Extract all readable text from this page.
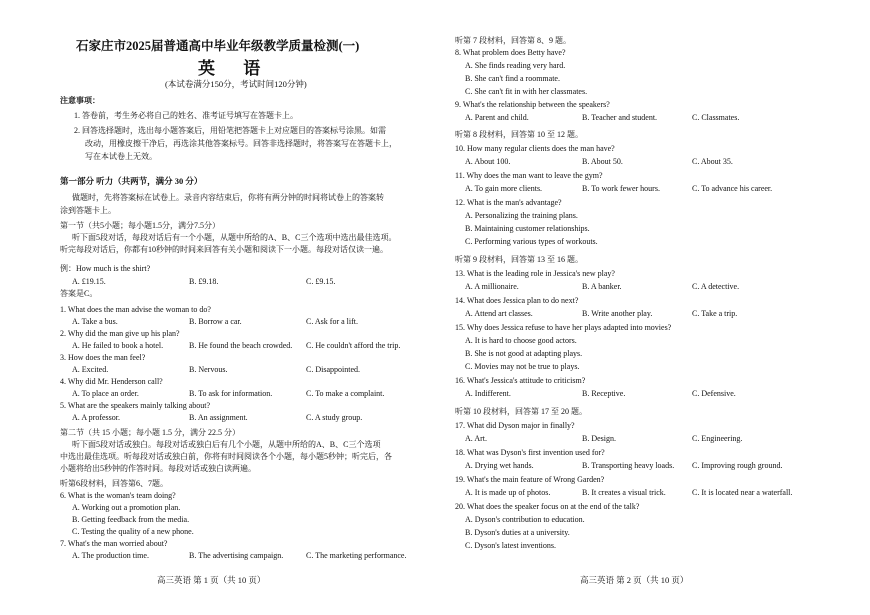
石家庄市2025届普通高中毕业年级教学质量检测(一)
英 语
(本试卷满分150分，考试时间120分钟)
注意事项：
1. 答卷前，考生务必将自己的姓名、准考证号填写在答题卡上。
2. 回答选择题时，选出每小题答案后，用铅笔把答题卡上对应题目的答案标号涂黑。如需
改动，用橡皮擦干净后，再选涂其他答案标号。回答非选择题时，将答案写在答题卡上，
写在本试卷上无效。
第一部分 听力（共两节，满分 30 分）
做题时，先将答案标在试卷上。录音内容结束后，你将有两分钟的时间将试卷上的答案转
涂到答题卡上。
第一节（共5小题；每小题1.5分，满分7.5分）
听下面5段对话，每段对话后有一个小题，从题中所给的A、B、C三个选项中选出最佳选项。
听完每段对话后，你都有10秒钟的时间来回答有关小题和阅读下一小题。每段对话仅读一遍。
例：How much is the shirt?
A. £19.15.	B. £9.18.	C. £9.15.
答案是C。
1. What does the man advise the woman to do?
A. Take a bus.	B. Borrow a car.	C. Ask for a lift.
2. Why did the man give up his plan?
A. He failed to book a hotel.	B. He found the beach crowded. C. He couldn't afford the trip.
3. How does the man feel?
A. Excited.	B. Nervous.	C. Disappointed.
4. Why did Mr. Henderson call?
A. To place an order.	B. To ask for information.	C. To make a complaint.
5. What are the speakers mainly talking about?
A. A professor.	B. An assignment.	C. A study group.
第二节（共 15 小题；每小题 1.5 分，满分 22.5 分）
听下面5段对话或独白。每段对话或独白后有几个小题，从题中所给的A、B、C三个选项
中选出最佳选项。听每段对话或独白前，你将有时间阅读各个小题，每小题5秒钟；听完后，各
小题将给出5秒钟的作答时间。每段对话或独白读两遍。
听第6段材料，回答第6、7题。
6. What is the woman's team doing?
A. Working out a promotion plan.
B. Getting feedback from the media.
C. Testing the quality of a new phone.
7. What's the man worried about?
A. The production time.	B. The advertising campaign.	C. The marketing performance.
高三英语 第 1 页（共 10 页）
听第 7 段材料，回答第 8、9 题。
8. What problem does Betty have?
A. She finds reading very hard.
B. She can't find a roommate.
C. She can't fit in with her classmates.
9. What's the relationship between the speakers?
A. Parent and child.	B. Teacher and student.	C. Classmates.
听第 8 段材料，回答第 10 至 12 题。
10. How many regular clients does the man have?
A. About 100.	B. About 50.	C. About 35.
11. Why does the man want to leave the gym?
A. To gain more clients.	B. To work fewer hours.	C. To advance his career.
12. What is the man's advantage?
A. Personalizing the training plans.
B. Maintaining customer relationships.
C. Performing various types of workouts.
听第 9 段材料，回答第 13 至 16 题。
13. What is the leading role in Jessica's new play?
A. A millionaire.	B. A banker.	C. A detective.
14. What does Jessica plan to do next?
A. Attend art classes.	B. Write another play.	C. Take a trip.
15. Why does Jessica refuse to have her plays adapted into movies?
A. It is hard to choose good actors.
B. She is not good at adapting plays.
C. Movies may not be true to plays.
16. What's Jessica's attitude to criticism?
A. Indifferent.	B. Receptive.	C. Defensive.
听第 10 段材料，回答第 17 至 20 题。
17. What did Dyson major in finally?
A. Art.	B. Design.	C. Engineering.
18. What was Dyson's first invention used for?
A. Drying wet hands.	B. Transporting heavy loads. C. Improving rough ground.
19. What's the main feature of Wrong Garden?
A. It is made up of photos.	B. It creates a visual trick.	C. It is located near a waterfall.
20. What does the speaker focus on at the end of the talk?
A. Dyson's contribution to education.
B. Dyson's duties at a university.
C. Dyson's latest inventions.
高三英语 第 2 页（共 10 页）
